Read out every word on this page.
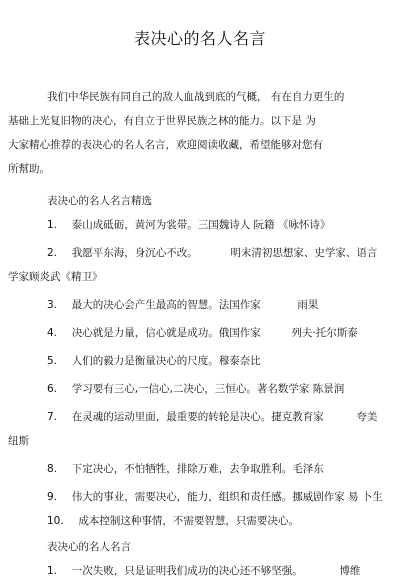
表决心的名人名言
我们中华民族有同自己的敌人血战到底的气概， 有在自力更生的
基础上光复旧物的决心，有自立于世界民族之林的能力。以下是 为
大家精心推荐的表决心的名人名言，欢迎阅读收藏，希望能够对您有
所幫助。
表决心的名人名言精选
1. 泰山成砥砺，黄河为裳带。三国魏诗人 阮籍 《咏怀诗》
2. 我愿平东海，身沉心不改。	明末清初思想家、史学家、语言
学家顾炎武《精卫》
3. 最大的决心会产生最高的智慧。法国作家	雨果
4. 决心就是力量，信心就是成功。俄国作家	列夫·托尔斯泰
5. 人们的毅力是衡量决心的尺度。穆泰奈比
6. 学习要有三心,一信心,二决心，三恒心。著名数学家 陈景润
7. 在灵魂的运动里面，最重要的转轮是决心。捷克教育家	夸美
纽斯
8. 下定决心，不怕牺牲，排除万难，去争取胜利。毛泽东
9. 伟大的事业，需要决心，能力，组织和责任感。挪威剧作家 易 卜生
10. 成本控制这种事情，不需要智慧，只需要决心。
表决心的名人名言
1. 一次失败，只是证明我们成功的决心还不够坚强。	博维
